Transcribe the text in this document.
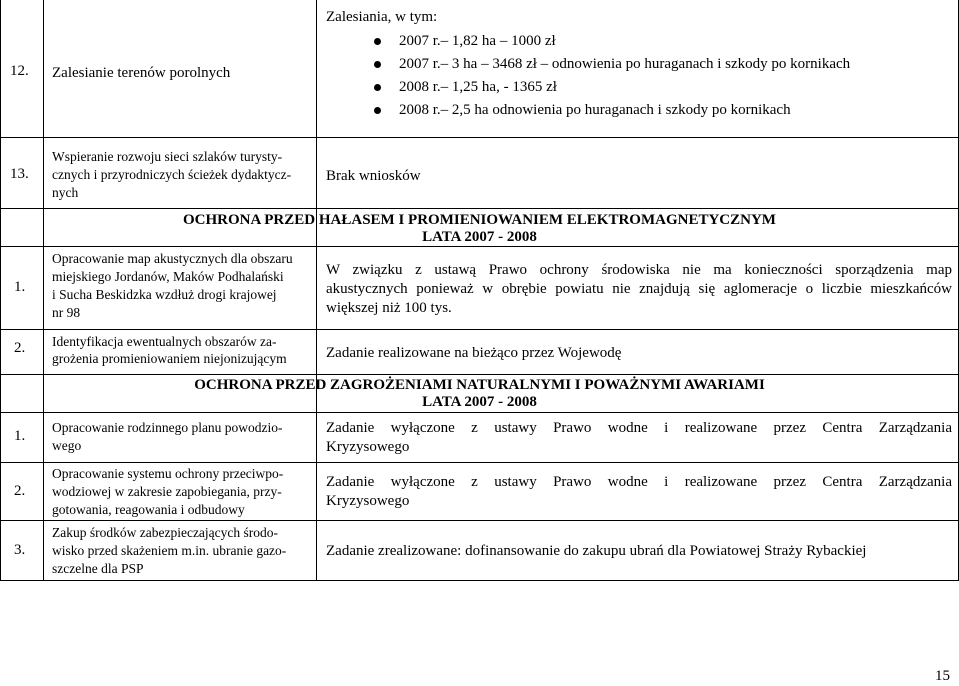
12. Zalesianie terenów porolnych
Zalesiania, w tym:
2007 r.– 1,82 ha – 1000 zł
2007 r.– 3 ha – 3468 zł – odnowienia po huraganach i szkody po kornikach
2008 r.– 1,25 ha, - 1365 zł
2008 r.– 2,5 ha odnowienia po huraganach i szkody po kornikach
13.
Wspieranie rozwoju sieci szlaków turysty-
cznych i przyrodniczych ścieżek dydaktycz-
nych
Brak wniosków
OCHRONA PRZED HAŁASEM I PROMIENIOWANIEM ELEKTROMAGNETYCZNYM
LATA 2007 - 2008
1.
Opracowanie map akustycznych dla obszaru
miejskiego Jordanów, Maków Podhalański
i Sucha Beskidzka wzdłuż drogi krajowej
nr 98
W związku z ustawą Prawo ochrony środowiska nie ma konieczności sporządzenia map
akustycznych ponieważ w obrębie powiatu nie znajdują się aglomeracje o liczbie mieszkańców
większej niż 100 tys.
2. Identyfikacja ewentualnych obszarów za-
grożenia promieniowaniem niejonizującym	Zadanie realizowane na bieżąco przez Wojewodę
OCHRONA PRZED ZAGROŻENIAMI NATURALNYMI I POWAŻNYMI AWARIAMI
LATA 2007 - 2008
1.
Opracowanie rodzinnego planu powodzio-
wego
Zadanie wyłączone z ustawy Prawo wodne i realizowane przez Centra Zarządzania
Kryzysowego
2.
Opracowanie systemu ochrony przeciwpo-
wodziowej w zakresie zapobiegania, przy-
gotowania, reagowania i odbudowy
Zadanie wyłączone z ustawy Prawo wodne i realizowane przez Centra Zarządzania
Kryzysowego
3.
Zakup środków zabezpieczających środo-
wisko przed skażeniem m.in. ubranie gazo-
szczelne dla PSP
Zadanie zrealizowane: dofinansowanie do zakupu ubrań dla Powiatowej Straży Rybackiej
15
